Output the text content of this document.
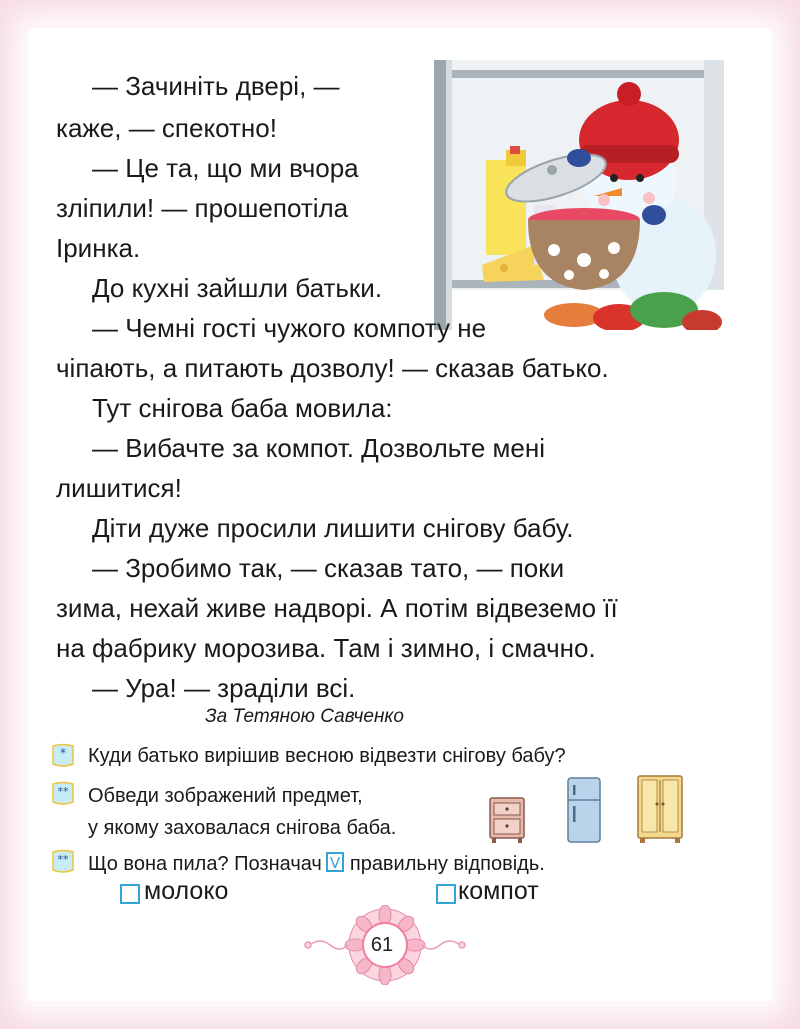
— Зачиніть двері, —
каже, — спекотно!
— Це та, що ми вчора
зліпили! — прошепотіла
Іринка.
До кухні зайшли батьки.
— Чемні гості чужого компоту не
чіпають, а питають дозволу! — сказав батько.
Тут снігова баба мовила:
— Вибачте за компот. Дозвольте мені
лишитися!
Діти дуже просили лишити снігову бабу.
— Зробимо так, — сказав тато, — поки
зима, нехай живе надворі. А потім відвеземо її
на фабрику морозива. Там і зимно, і смачно.
— Ура! — зраділи всі.
За Тетяною Савченко
* Куди батько вирішив весною відвезти снігову бабу?
** Обведи зображений предмет,
у якому заховалася снігова баба.
** Що вона пила? Позначач V правильну відповідь.
молоко	компот
61
